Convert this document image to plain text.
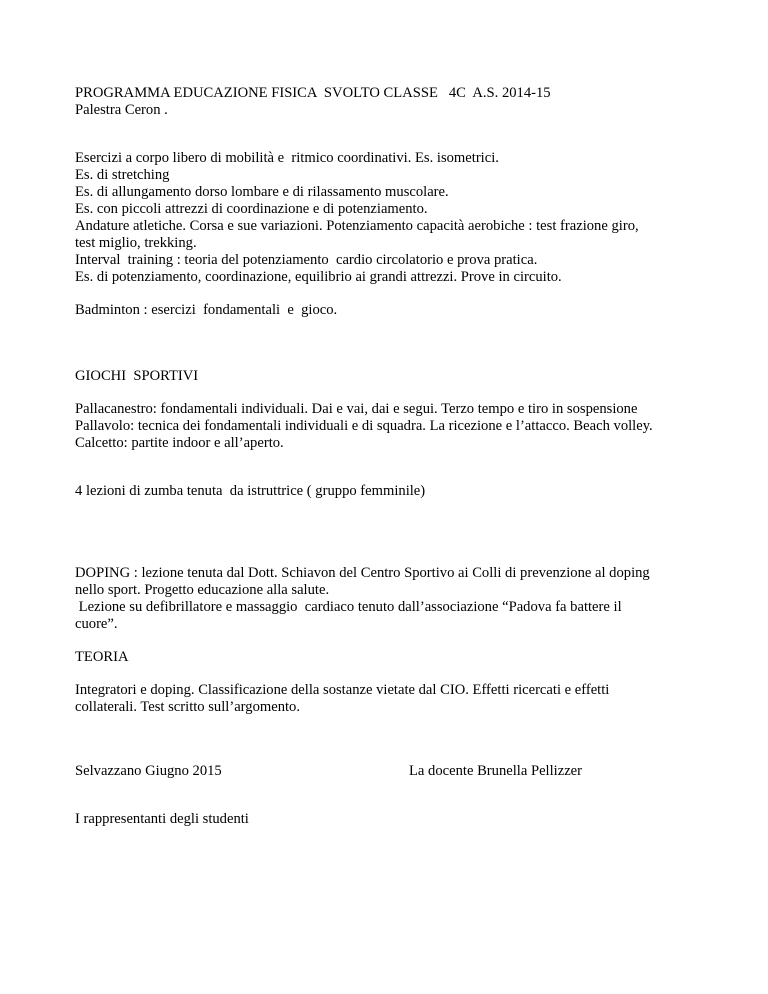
PROGRAMMA EDUCAZIONE FISICA  SVOLTO CLASSE   4C  A.S. 2014-15
Palestra Ceron .
Esercizi a corpo libero di mobilità e  ritmico coordinativi. Es. isometrici.
Es. di stretching
Es. di allungamento dorso lombare e di rilassamento muscolare.
Es. con piccoli attrezzi di coordinazione e di potenziamento.
Andature atletiche. Corsa e sue variazioni. Potenziamento capacità aerobiche : test frazione giro,
test miglio, trekking.
Interval  training : teoria del potenziamento  cardio circolatorio e prova pratica.
Es. di potenziamento, coordinazione, equilibrio ai grandi attrezzi. Prove in circuito.
Badminton : esercizi  fondamentali  e  gioco.
GIOCHI  SPORTIVI
Pallacanestro: fondamentali individuali. Dai e vai, dai e segui. Terzo tempo e tiro in sospensione
Pallavolo: tecnica dei fondamentali individuali e di squadra. La ricezione e l’attacco. Beach volley.
Calcetto: partite indoor e all’aperto.
4 lezioni di zumba tenuta  da istruttrice ( gruppo femminile)
DOPING : lezione tenuta dal Dott. Schiavon del Centro Sportivo ai Colli di prevenzione al doping
nello sport. Progetto educazione alla salute.
Lezione su defibrillatore e massaggio  cardiaco tenuto dall’associazione “Padova fa battere il
cuore”.
TEORIA
Integratori e doping. Classificazione della sostanze vietate dal CIO. Effetti ricercati e effetti
collaterali. Test scritto sull’argomento.
Selvazzano Giugno 2015	La docente Brunella Pellizzer
I rappresentanti degli studenti
